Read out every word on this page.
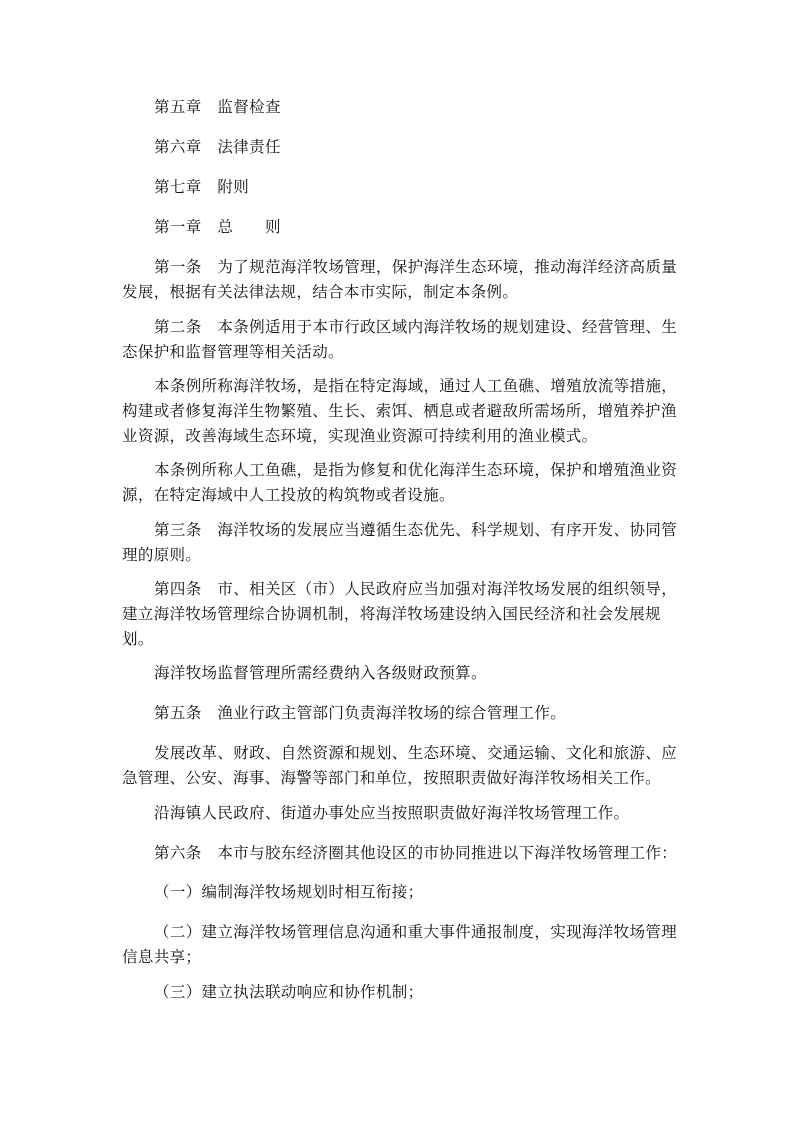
第五章　监督检查

第六章　法律责任

第七章　附则

第一章　总　　则

第一条　为了规范海洋牧场管理，保护海洋生态环境，推动海洋经济高质量发展，根据有关法律法规，结合本市实际，制定本条例。

第二条　本条例适用于本市行政区域内海洋牧场的规划建设、经营管理、生态保护和监督管理等相关活动。

本条例所称海洋牧场，是指在特定海域，通过人工鱼礁、增殖放流等措施，构建或者修复海洋生物繁殖、生长、索饵、栖息或者避敌所需场所，增殖养护渔业资源，改善海域生态环境，实现渔业资源可持续利用的渔业模式。

本条例所称人工鱼礁，是指为修复和优化海洋生态环境，保护和增殖渔业资源，在特定海域中人工投放的构筑物或者设施。

第三条　海洋牧场的发展应当遵循生态优先、科学规划、有序开发、协同管理的原则。

第四条　市、相关区（市）人民政府应当加强对海洋牧场发展的组织领导，建立海洋牧场管理综合协调机制，将海洋牧场建设纳入国民经济和社会发展规划。

海洋牧场监督管理所需经费纳入各级财政预算。

第五条　渔业行政主管部门负责海洋牧场的综合管理工作。

发展改革、财政、自然资源和规划、生态环境、交通运输、文化和旅游、应急管理、公安、海事、海警等部门和单位，按照职责做好海洋牧场相关工作。

沿海镇人民政府、街道办事处应当按照职责做好海洋牧场管理工作。

第六条　本市与胶东经济圈其他设区的市协同推进以下海洋牧场管理工作：

（一）编制海洋牧场规划时相互衔接；

（二）建立海洋牧场管理信息沟通和重大事件通报制度，实现海洋牧场管理信息共享；

（三）建立执法联动响应和协作机制；
